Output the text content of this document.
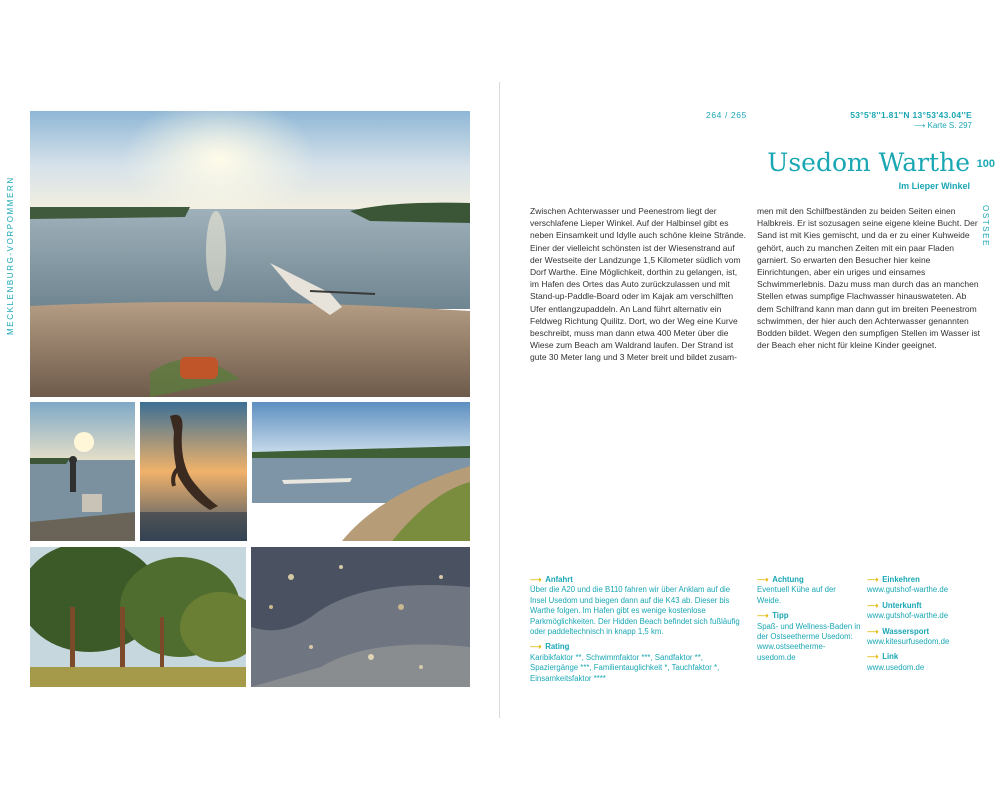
MECKLENBURG-VORPOMMERN	OSTSEE
264 / 265	53°5'8''1.81''N 13°53'43.04''E
⟶ Karte S. 297
Usedom Warthe 100
Im Lieper Winkel
Zwischen Achterwasser und Peenestrom liegt der verschlafene Lieper Winkel. Auf der Halbinsel gibt es neben Einsamkeit und Idylle auch schöne kleine Strände. Einer der vielleicht schönsten ist der Wiesenstrand auf der Westseite der Landzunge 1,5 Kilometer südlich vom Dorf Warthe. Eine Möglichkeit, dorthin zu gelangen, ist, im Hafen des Ortes das Auto zurückzulassen und mit Stand-up-Paddle-Board oder im Kajak am verschilften Ufer entlangzupaddeln. An Land führt alternativ ein Feldweg Richtung Quilitz. Dort, wo der Weg eine Kurve beschreibt, muss man dann etwa 400 Meter über die Wiese zum Beach am Waldrand laufen. Der Strand ist gute 30 Meter lang und 3 Meter breit und bildet zusam-
men mit den Schilfbeständen zu beiden Seiten einen Halbkreis. Er ist sozusagen seine eigene kleine Bucht. Der Sand ist mit Kies gemischt, und da er zu einer Kuhweide gehört, auch zu manchen Zeiten mit ein paar Fladen garniert. So erwarten den Besucher hier keine Einrichtungen, aber ein uriges und einsames Schwimmerlebnis. Dazu muss man durch das an manchen Stellen etwas sumpfige Flachwasser hinauswateten. Ab dem Schilfrand kann man dann gut im breiten Peenestrom schwimmen, der hier auch den Achterwasser genannten Bodden bildet. Wegen den sumpfigen Stellen im Wasser ist der Beach eher nicht für kleine Kinder geeignet.
⟶ Anfahrt
Über die A20 und die B110 fahren wir über Anklam auf die Insel Usedom und biegen dann auf die K43 ab. Dieser bis Warthe folgen. Im Hafen gibt es wenige kostenlose Parkmöglichkeiten. Der Hidden Beach befindet sich fußläufig oder paddeltechnisch in knapp 1,5 km.
⟶ Rating
Karibikfaktor **, Schwimmfaktor ***, Sandfaktor **, Spaziergänge ***, Familientauglichkeit *, Tauchfaktor *, Einsamkeitsfaktor ****
⟶ Achtung
Eventuell Kühe auf der Weide.
⟶ Tipp
Spaß- und Wellness-Baden in der Ostseetherme Usedom: www.ostseetherme-usedom.de
⟶ Einkehren
www.gutshof-warthe.de
⟶ Unterkunft
www.gutshof-warthe.de
⟶ Wassersport
www.kitesurfusedom.de
⟶ Link
www.usedom.de
